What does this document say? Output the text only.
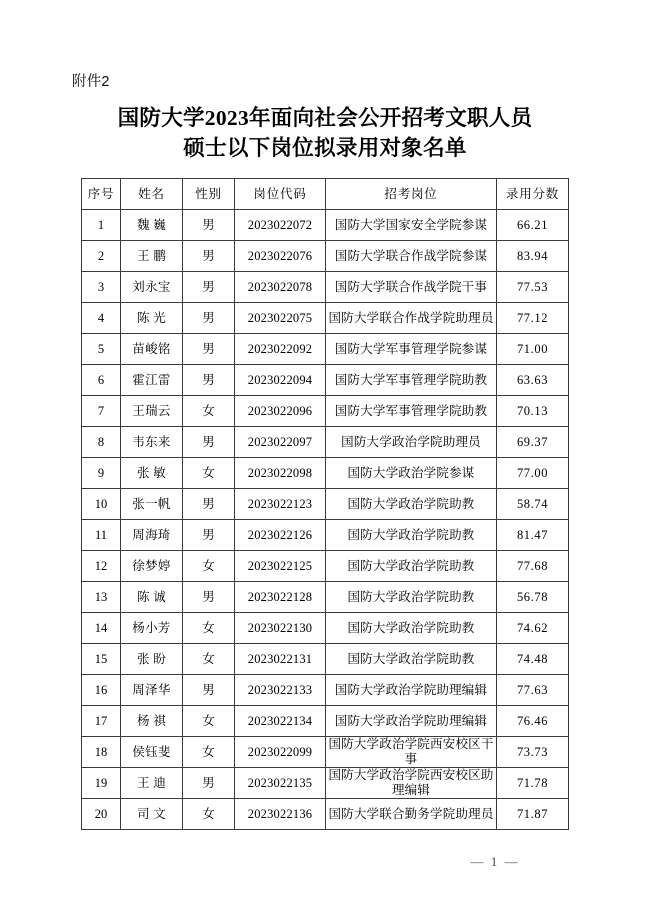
附件2
国防大学2023年面向社会公开招考文职人员
硕士以下岗位拟录用对象名单
序号	姓名	性别	岗位代码	招考岗位	录用分数
1	魏 巍	男	2023022072	国防大学国家安全学院参谋	66.21
2	王 鹏	男	2023022076	国防大学联合作战学院参谋	83.94
3	刘永宝	男	2023022078	国防大学联合作战学院干事	77.53
4	陈 光	男	2023022075	国防大学联合作战学院助理员	77.12
5	苗峻铭	男	2023022092	国防大学军事管理学院参谋	71.00
6	霍江雷	男	2023022094	国防大学军事管理学院助教	63.63
7	王瑞云	女	2023022096	国防大学军事管理学院助教	70.13
8	韦东来	男	2023022097	国防大学政治学院助理员	69.37
9	张 敏	女	2023022098	国防大学政治学院参谋	77.00
10	张一帆	男	2023022123	国防大学政治学院助教	58.74
11	周海琦	男	2023022126	国防大学政治学院助教	81.47
12	徐梦婷	女	2023022125	国防大学政治学院助教	77.68
13	陈 诚	男	2023022128	国防大学政治学院助教	56.78
14	杨小芳	女	2023022130	国防大学政治学院助教	74.62
15	张 盼	女	2023022131	国防大学政治学院助教	74.48
16	周泽华	男	2023022133	国防大学政治学院助理编辑	77.63
17	杨 祺	女	2023022134	国防大学政治学院助理编辑	76.46
18	侯钰斐	女	2023022099	国防大学政治学院西安校区干事	73.73
19	王 迪	男	2023022135	国防大学政治学院西安校区助理编辑	71.78
20	司 文	女	2023022136	国防大学联合勤务学院助理员	71.87
— 1 —
